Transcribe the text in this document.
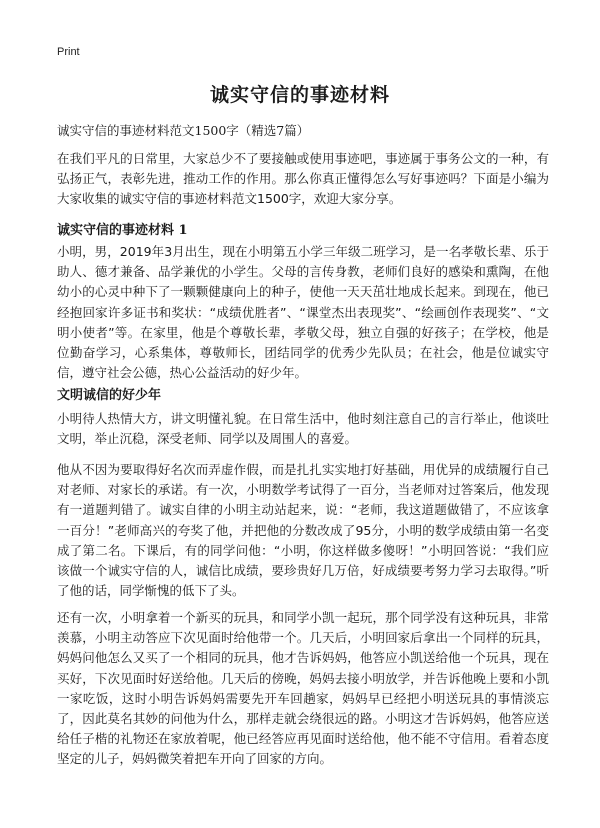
Print
诚实守信的事迹材料
诚实守信的事迹材料范文1500字（精选7篇）
在我们平凡的日常里，大家总少不了要接触或使用事迹吧，事迹属于事务公文的一种，有弘扬正气，表彰先进，推动工作的作用。那么你真正懂得怎么写好事迹吗？下面是小编为大家收集的诚实守信的事迹材料范文1500字，欢迎大家分享。
诚实守信的事迹材料 1
小明，男，2019年3月出生，现在小明第五小学三年级二班学习，是一名孝敬长辈、乐于助人、德才兼备、品学兼优的小学生。父母的言传身教，老师们良好的感染和熏陶，在他幼小的心灵中种下了一颗颗健康向上的种子，使他一天天茁壮地成长起来。到现在，他已经抱回家许多证书和奖状：“成绩优胜者”、“课堂杰出表现奖”、“绘画创作表现奖”、“文明小使者”等。在家里，他是个尊敬长辈，孝敬父母，独立自强的好孩子；在学校，他是位勤奋学习，心系集体，尊敬师长，团结同学的优秀少先队员；在社会，他是位诚实守信，遵守社会公德，热心公益活动的好少年。
文明诚信的好少年
小明待人热情大方，讲文明懂礼貌。在日常生活中，他时刻注意自己的言行举止，他谈吐文明，举止沉稳，深受老师、同学以及周围人的喜爱。
他从不因为要取得好名次而弄虚作假，而是扎扎实实地打好基础，用优异的成绩履行自己对老师、对家长的承诺。有一次，小明数学考试得了一百分，当老师对过答案后，他发现有一道题判错了。诚实自律的小明主动站起来，说：“老师，我这道题做错了，不应该拿一百分！”老师高兴的夸奖了他，并把他的分数改成了95分，小明的数学成绩由第一名变成了第二名。下课后，有的同学问他：“小明，你这样做多傻呀！”小明回答说：“我们应该做一个诚实守信的人，诚信比成绩，要珍贵好几万倍，好成绩要考努力学习去取得。”听了他的话，同学惭愧的低下了头。
还有一次，小明拿着一个新买的玩具，和同学小凯一起玩，那个同学没有这种玩具，非常羡慕，小明主动答应下次见面时给他带一个。几天后，小明回家后拿出一个同样的玩具，妈妈问他怎么又买了一个相同的玩具，他才告诉妈妈，他答应小凯送给他一个玩具，现在买好，下次见面时好送给他。几天后的傍晚，妈妈去接小明放学，并告诉他晚上要和小凯一家吃饭，这时小明告诉妈妈需要先开车回趟家，妈妈早已经把小明送玩具的事情淡忘了，因此莫名其妙的问他为什么，那样走就会绕很远的路。小明这才告诉妈妈，他答应送给任子楷的礼物还在家放着呢，他已经答应再见面时送给他，他不能不守信用。看着态度坚定的儿子，妈妈微笑着把车开向了回家的方向。
